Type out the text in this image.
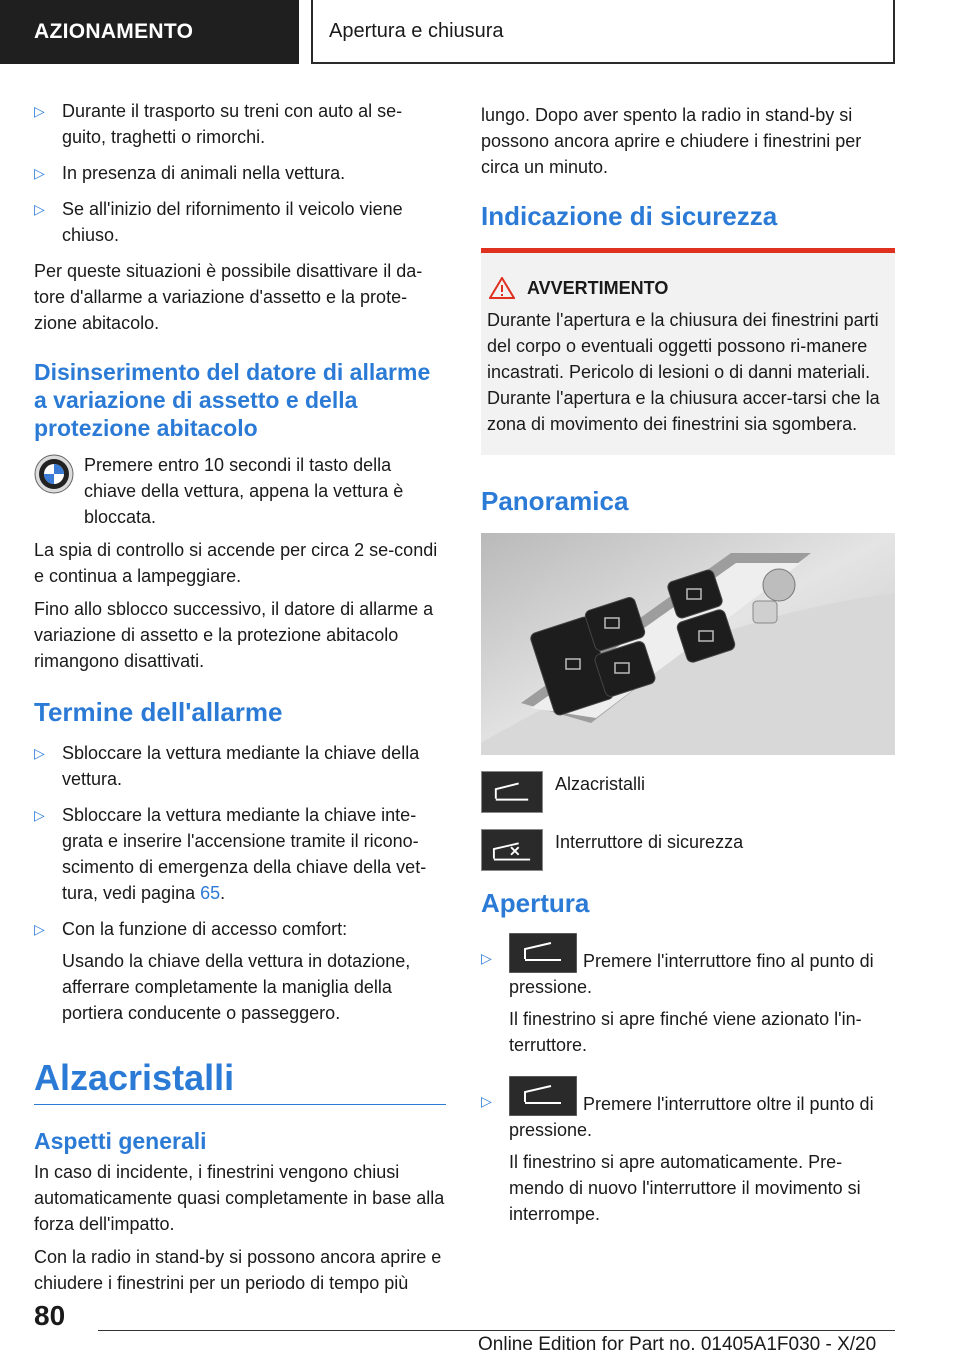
AZIONAMENTO	Apertura e chiusura
▷ Durante il trasporto su treni con auto al se-guito, traghetti o rimorchi.
▷ In presenza di animali nella vettura.
▷ Se all'inizio del rifornimento il veicolo viene chiuso.

Per queste situazioni è possibile disattivare il da-tore d'allarme a variazione d'assetto e la prote-zione abitacolo.

Disinserimento del datore di allarme a variazione di assetto e della protezione abitacolo
Premere entro 10 secondi il tasto della chiave della vettura, appena la vettura è bloccata.

La spia di controllo si accende per circa 2 se-condi e continua a lampeggiare.

Fino allo sblocco successivo, il datore di allarme a variazione di assetto e la protezione abitacolo rimangono disattivati.

Termine dell'allarme
▷ Sbloccare la vettura mediante la chiave della vettura.
▷ Sbloccare la vettura mediante la chiave inte-grata e inserire l'accensione tramite il ricono-scimento di emergenza della chiave della vet-tura, vedi pagina 65.
▷ Con la funzione di accesso comfort:
Usando la chiave della vettura in dotazione, afferrare completamente la maniglia della portiera conducente o passeggero.
Alzacristalli
Aspetti generali

In caso di incidente, i finestrini vengono chiusi automaticamente quasi completamente in base alla forza dell'impatto.

Con la radio in stand-by si possono ancora aprire e chiudere i finestrini per un periodo di tempo più

lungo. Dopo aver spento la radio in stand-by si possono ancora aprire e chiudere i finestrini per circa un minuto.

Indicazione di sicurezza
AVVERTIMENTO

Durante l'apertura e la chiusura dei finestrini parti del corpo o eventuali oggetti possono ri-manere incastrati. Pericolo di lesioni o di danni materiali. Durante l'apertura e la chiusura accer-tarsi che la zona di movimento dei finestrini sia sgombera.

Panoramica
Alzacristalli
Interruttore di sicurezza
Apertura
▷	Premere l'interruttore fino al punto di pressione.
Il finestrino si apre finché viene azionato l'in-terruttore.
▷	Premere l'interruttore oltre il punto di pressione.
Il finestrino si apre automaticamente. Pre-mendo di nuovo l'interruttore il movimento si interrompe.
80
Online Edition for Part no. 01405A1F030 - X/20
